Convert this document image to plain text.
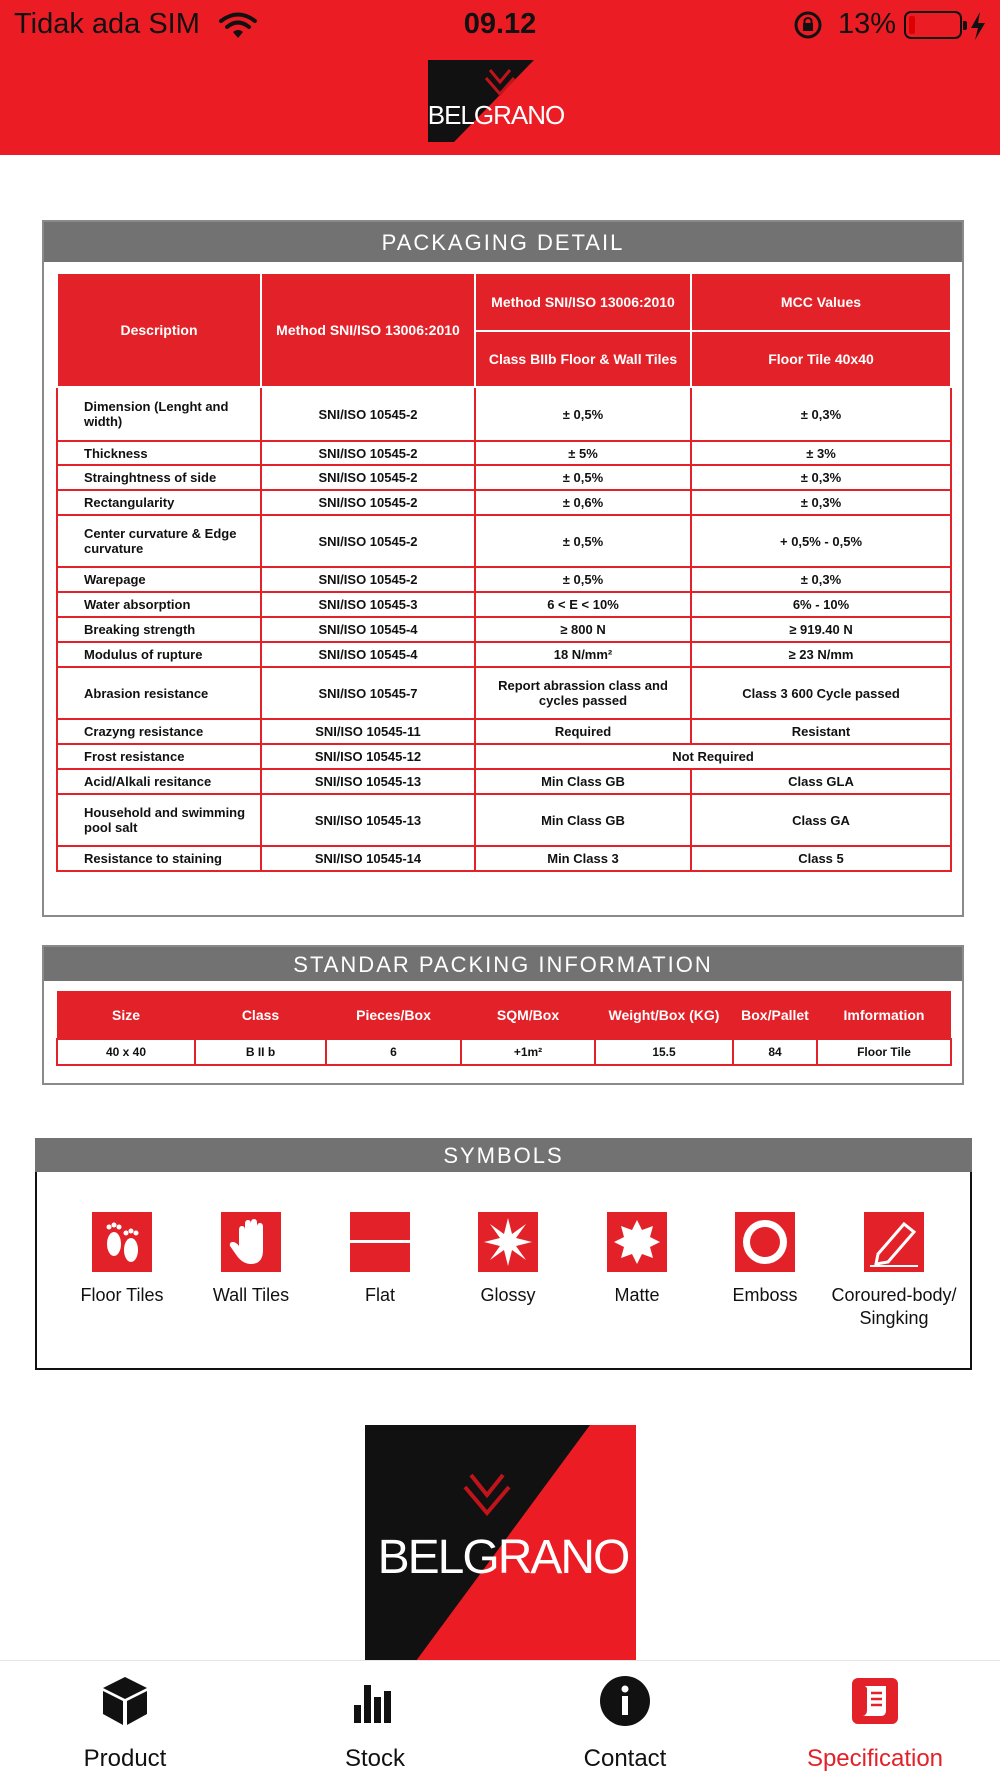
Tidak ada SIM	09.12	13%
BELGRANO
PACKAGING DETAIL
Description	Method SNI/ISO 13006:2010	Method SNI/ISO 13006:2010	MCC Values
		Class BIIb Floor & Wall Tiles	Floor Tile 40x40
Dimension (Lenght and width)	SNI/ISO 10545-2	± 0,5%	± 0,3%
Thickness	SNI/ISO 10545-2	± 5%	± 3%
Strainghtness of side	SNI/ISO 10545-2	± 0,5%	± 0,3%
Rectangularity	SNI/ISO 10545-2	± 0,6%	± 0,3%
Center curvature & Edge curvature	SNI/ISO 10545-2	± 0,5%	+ 0,5% - 0,5%
Warepage	SNI/ISO 10545-2	± 0,5%	± 0,3%
Water absorption	SNI/ISO 10545-3	6 < E < 10%	6% - 10%
Breaking strength	SNI/ISO 10545-4	≥ 800 N	≥ 919.40 N
Modulus of rupture	SNI/ISO 10545-4	18 N/mm²	≥ 23 N/mm
Abrasion resistance	SNI/ISO 10545-7	Report abrassion class and cycles passed	Class 3 600 Cycle passed
Crazyng resistance	SNI/ISO 10545-11	Required	Resistant
Frost resistance	SNI/ISO 10545-12	Not Required	
Acid/Alkali resitance	SNI/ISO 10545-13	Min Class GB	Class GLA
Household and swimming pool salt	SNI/ISO 10545-13	Min Class GB	Class GA
Resistance to staining	SNI/ISO 10545-14	Min Class 3	Class 5
STANDAR PACKING INFORMATION
Size	Class	Pieces/Box	SQM/Box	Weight/Box (KG)	Box/Pallet	Imformation
40 x 40	B II b	6	+1m²	15.5	84	Floor Tile
SYMBOLS
Floor Tiles	Wall Tiles	Flat	Glossy	Matte	Emboss	Coroured-body/ Singking
BELGRANO
Product	Stock	Contact	Specification
